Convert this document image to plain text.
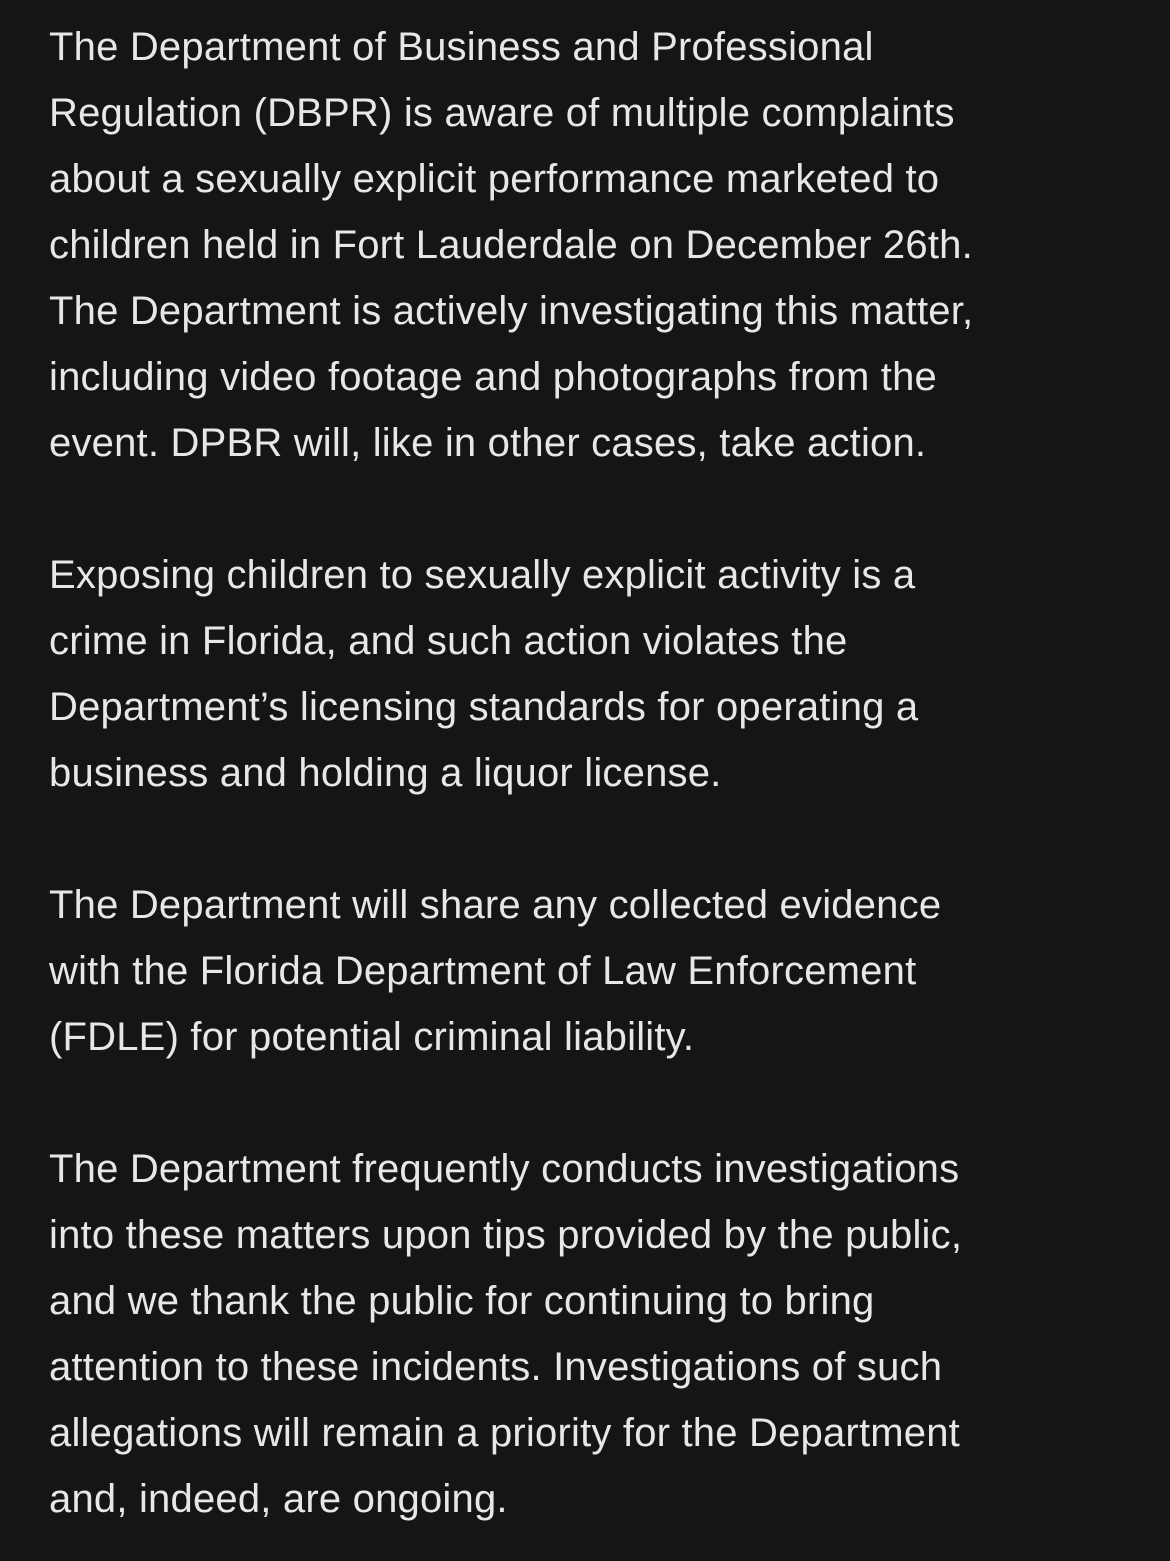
The Department of Business and Professional
Regulation (DBPR) is aware of multiple complaints
about a sexually explicit performance marketed to
children held in Fort Lauderdale on December 26th.
The Department is actively investigating this matter,
including video footage and photographs from the
event. DPBR will, like in other cases, take action.

Exposing children to sexually explicit activity is a
crime in Florida, and such action violates the
Department’s licensing standards for operating a
business and holding a liquor license.

The Department will share any collected evidence
with the Florida Department of Law Enforcement
(FDLE) for potential criminal liability.

The Department frequently conducts investigations
into these matters upon tips provided by the public,
and we thank the public for continuing to bring
attention to these incidents. Investigations of such
allegations will remain a priority for the Department
and, indeed, are ongoing.
